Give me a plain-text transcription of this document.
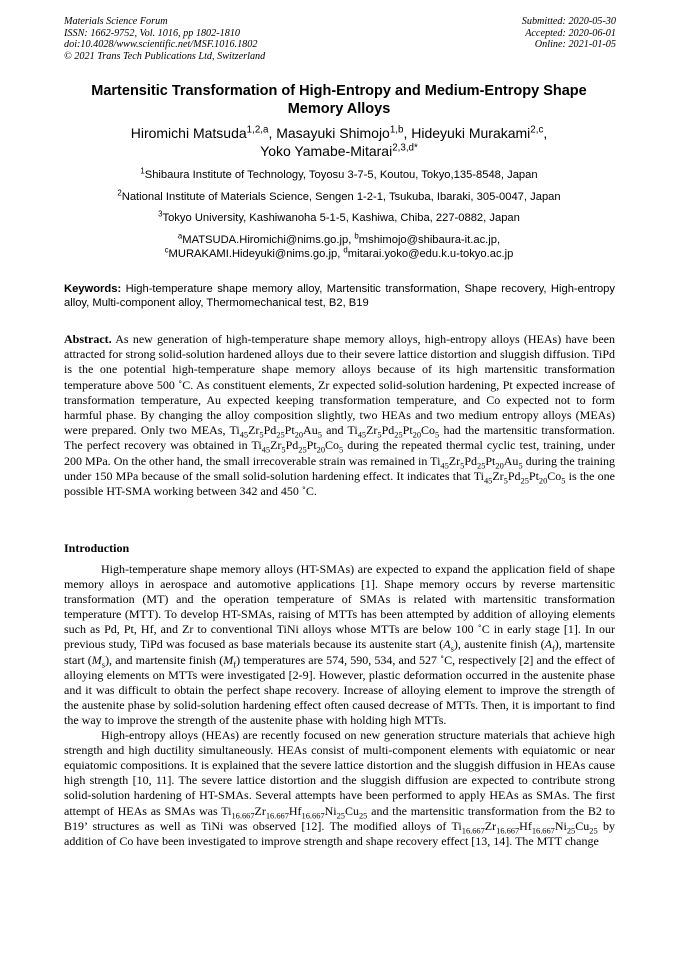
Materials Science Forum
ISSN: 1662-9752, Vol. 1016, pp 1802-1810
doi:10.4028/www.scientific.net/MSF.1016.1802
© 2021 Trans Tech Publications Ltd, Switzerland
Submitted: 2020-05-30
Accepted: 2020-06-01
Online: 2021-01-05
Martensitic Transformation of High-Entropy and Medium-Entropy Shape
Memory Alloys
Hiromichi Matsuda$^{1,2,a}$, Masayuki Shimojo$^{1,b}$, Hideyuki Murakami$^{2,c}$,
Yoko Yamabe-Mitarai$^{2,3,d*}$
$^1$Shibaura Institute of Technology, Toyosu 3-7-5, Koutou, Tokyo,135-8548, Japan
$^2$National Institute of Materials Science, Sengen 1-2-1, Tsukuba, Ibaraki, 305-0047, Japan
$^3$Tokyo University, Kashiwanoha 5-1-5, Kashiwa, Chiba, 227-0882, Japan
$^a$MATSUDA.Hiromichi@nims.go.jp, $^b$mshimojo@shibaura-it.ac.jp,
$^c$MURAKAMI.Hideyuki@nims.go.jp, $^d$mitarai.yoko@edu.k.u-tokyo.ac.jp
Keywords: High-temperature shape memory alloy, Martensitic transformation, Shape recovery, High-entropy alloy, Multi-component alloy, Thermomechanical test, B2, B19
Abstract. As new generation of high-temperature shape memory alloys, high-entropy alloys (HEAs) have been attracted for strong solid-solution hardened alloys due to their severe lattice distortion and sluggish diffusion. TiPd is the one potential high-temperature shape memory alloys because of its high martensitic transformation temperature above 500 ˚C. As constituent elements, Zr expected solid-solution hardening, Pt expected increase of transformation temperature, Au expected keeping transformation temperature, and Co expected not to form harmful phase. By changing the alloy composition slightly, two HEAs and two medium entropy alloys (MEAs) were prepared. Only two MEAs, $Ti_{45}Zr_5Pd_{25}Pt_{20}Au_5$ and $Ti_{45}Zr_5Pd_{25}Pt_{20}Co_5$ had the martensitic transformation. The perfect recovery was obtained in $Ti_{45}Zr_5Pd_{25}Pt_{20}Co_5$ during the repeated thermal cyclic test, training, under 200 MPa. On the other hand, the small irrecoverable strain was remained in $Ti_{45}Zr_5Pd_{25}Pt_{20}Au_5$ during the training under 150 MPa because of the small solid-solution hardening effect. It indicates that $Ti_{45}Zr_5Pd_{25}Pt_{20}Co_5$ is the one possible HT-SMA working between 342 and 450 ˚C.
Introduction

High-temperature shape memory alloys (HT-SMAs) are expected to expand the application field of shape memory alloys in aerospace and automotive applications [1]. Shape memory occurs by reverse martensitic transformation (MT) and the operation temperature of SMAs is related with martensitic transformation temperature (MTT). To develop HT-SMAs, raising of MTTs has been attempted by addition of alloying elements such as Pd, Pt, Hf, and Zr to conventional TiNi alloys whose MTTs are below 100 ˚C in early stage [1]. In our previous study, TiPd was focused as base materials because its austenite start $(A_s)$, austenite finish $(A_f)$, martensite start $(M_s)$, and martensite finish $(M_f)$ temperatures are 574, 590, 534, and 527 ˚C, respectively [2] and the effect of alloying elements on MTTs were investigated [2-9]. However, plastic deformation occurred in the austenite phase and it was difficult to obtain the perfect shape recovery. Increase of alloying element to improve the strength of the austenite phase by solid-solution hardening effect often caused decrease of MTTs. Then, it is important to find the way to improve the strength of the austenite phase with holding high MTTs.

High-entropy alloys (HEAs) are recently focused on new generation structure materials that achieve high strength and high ductility simultaneously. HEAs consist of multi-component elements with equiatomic or near equiatomic compositions. It is explained that the severe lattice distortion and the sluggish diffusion in HEAs cause high strength [10, 11]. The severe lattice distortion and the sluggish diffusion are expected to contribute strong solid-solution hardening of HT-SMAs. Several attempts have been performed to apply HEAs as SMAs. The first attempt of HEAs as SMAs was $Ti_{16.667}Zr_{16.667}Hf_{16.667}Ni_{25}Cu_{25}$ and the martensitic transformation from the B2 to B19’ structures as well as TiNi was observed [12]. The modified alloys of $Ti_{16.667}Zr_{16.667}Hf_{16.667}Ni_{25}Cu_{25}$ by addition of Co have been investigated to improve strength and shape recovery effect [13, 14]. The MTT change
